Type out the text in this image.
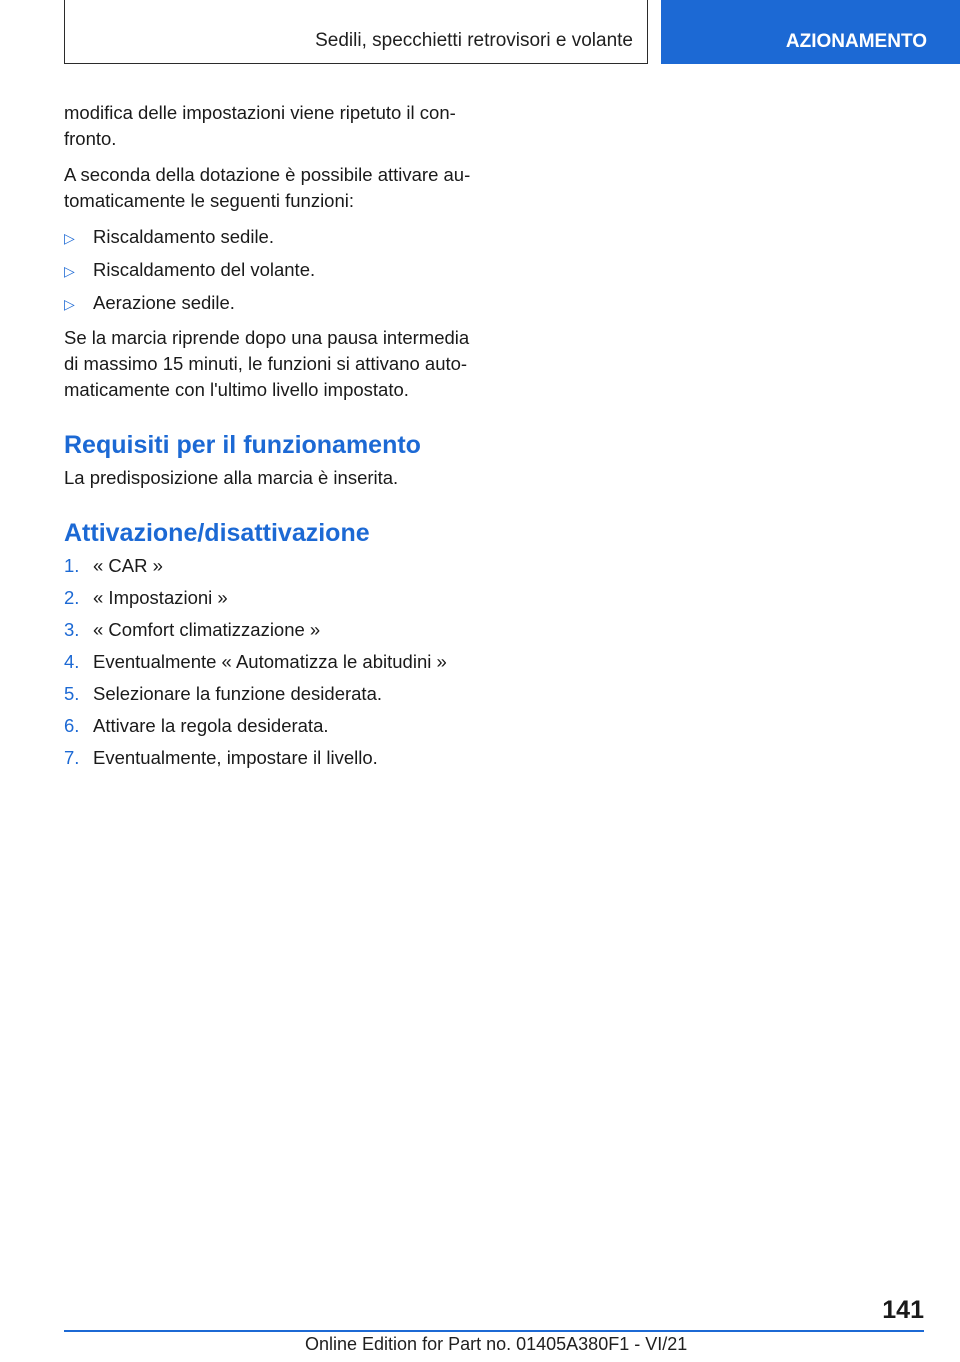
Sedili, specchietti retrovisori e volante	AZIONAMENTO

modifica delle impostazioni viene ripetuto il con-fronto.

A seconda della dotazione è possibile attivare au-tomaticamente le seguenti funzioni:

▷ Riscaldamento sedile.
▷ Riscaldamento del volante.
▷ Aerazione sedile.

Se la marcia riprende dopo una pausa intermedia di massimo 15 minuti, le funzioni si attivano auto-maticamente con l'ultimo livello impostato.

Requisiti per il funzionamento

La predisposizione alla marcia è inserita.

Attivazione/disattivazione
1. « CAR »
2. « Impostazioni »
3. « Comfort climatizzazione »
4. Eventualmente « Automatizza le abitudini »
5. Selezionare la funzione desiderata.
6. Attivare la regola desiderata.
7. Eventualmente, impostare il livello.
141
Online Edition for Part no. 01405A380F1 - VI/21
